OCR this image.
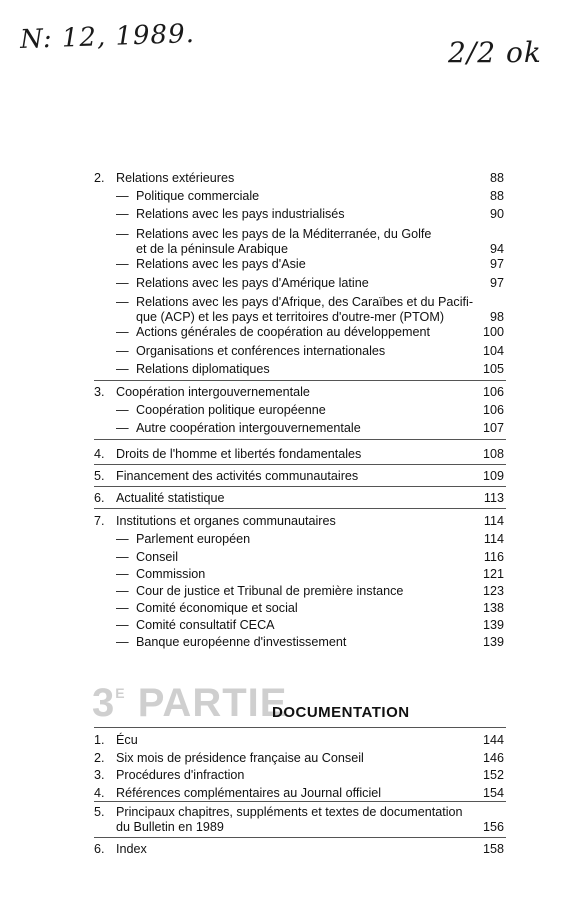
N: 12, 1989.	2/2 ok
2. Relations extérieures	88
— Politique commerciale	88
— Relations avec les pays industrialisés	90
— Relations avec les pays de la Méditerranée, du Golfe
et de la péninsule Arabique	94
— Relations avec les pays d'Asie	97
— Relations avec les pays d'Amérique latine	97
— Relations avec les pays d'Afrique, des Caraïbes et du Pacifi-
que (ACP) et les pays et territoires d'outre-mer (PTOM)	98
— Actions générales de coopération au développement	100
— Organisations et conférences internationales	104
— Relations diplomatiques	105
3. Coopération intergouvernementale	106
— Coopération politique européenne	106
— Autre coopération intergouvernementale	107
4. Droits de l'homme et libertés fondamentales	108
5. Financement des activités communautaires	109
6. Actualité statistique	113
7. Institutions et organes communautaires	114
— Parlement européen	114
— Conseil	116
— Commission	121
— Cour de justice et Tribunal de première instance	123
— Comité économique et social	138
— Comité consultatif CECA	139
— Banque européenne d'investissement	139
$3^E$ PARTIE
DOCUMENTATION
1. Écu	144
2. Six mois de présidence française au Conseil	146
3. Procédures d'infraction	152
4. Références complémentaires au Journal officiel	154
5. Principaux chapitres, suppléments et textes de documentation
du Bulletin en 1989	156
6. Index	158
